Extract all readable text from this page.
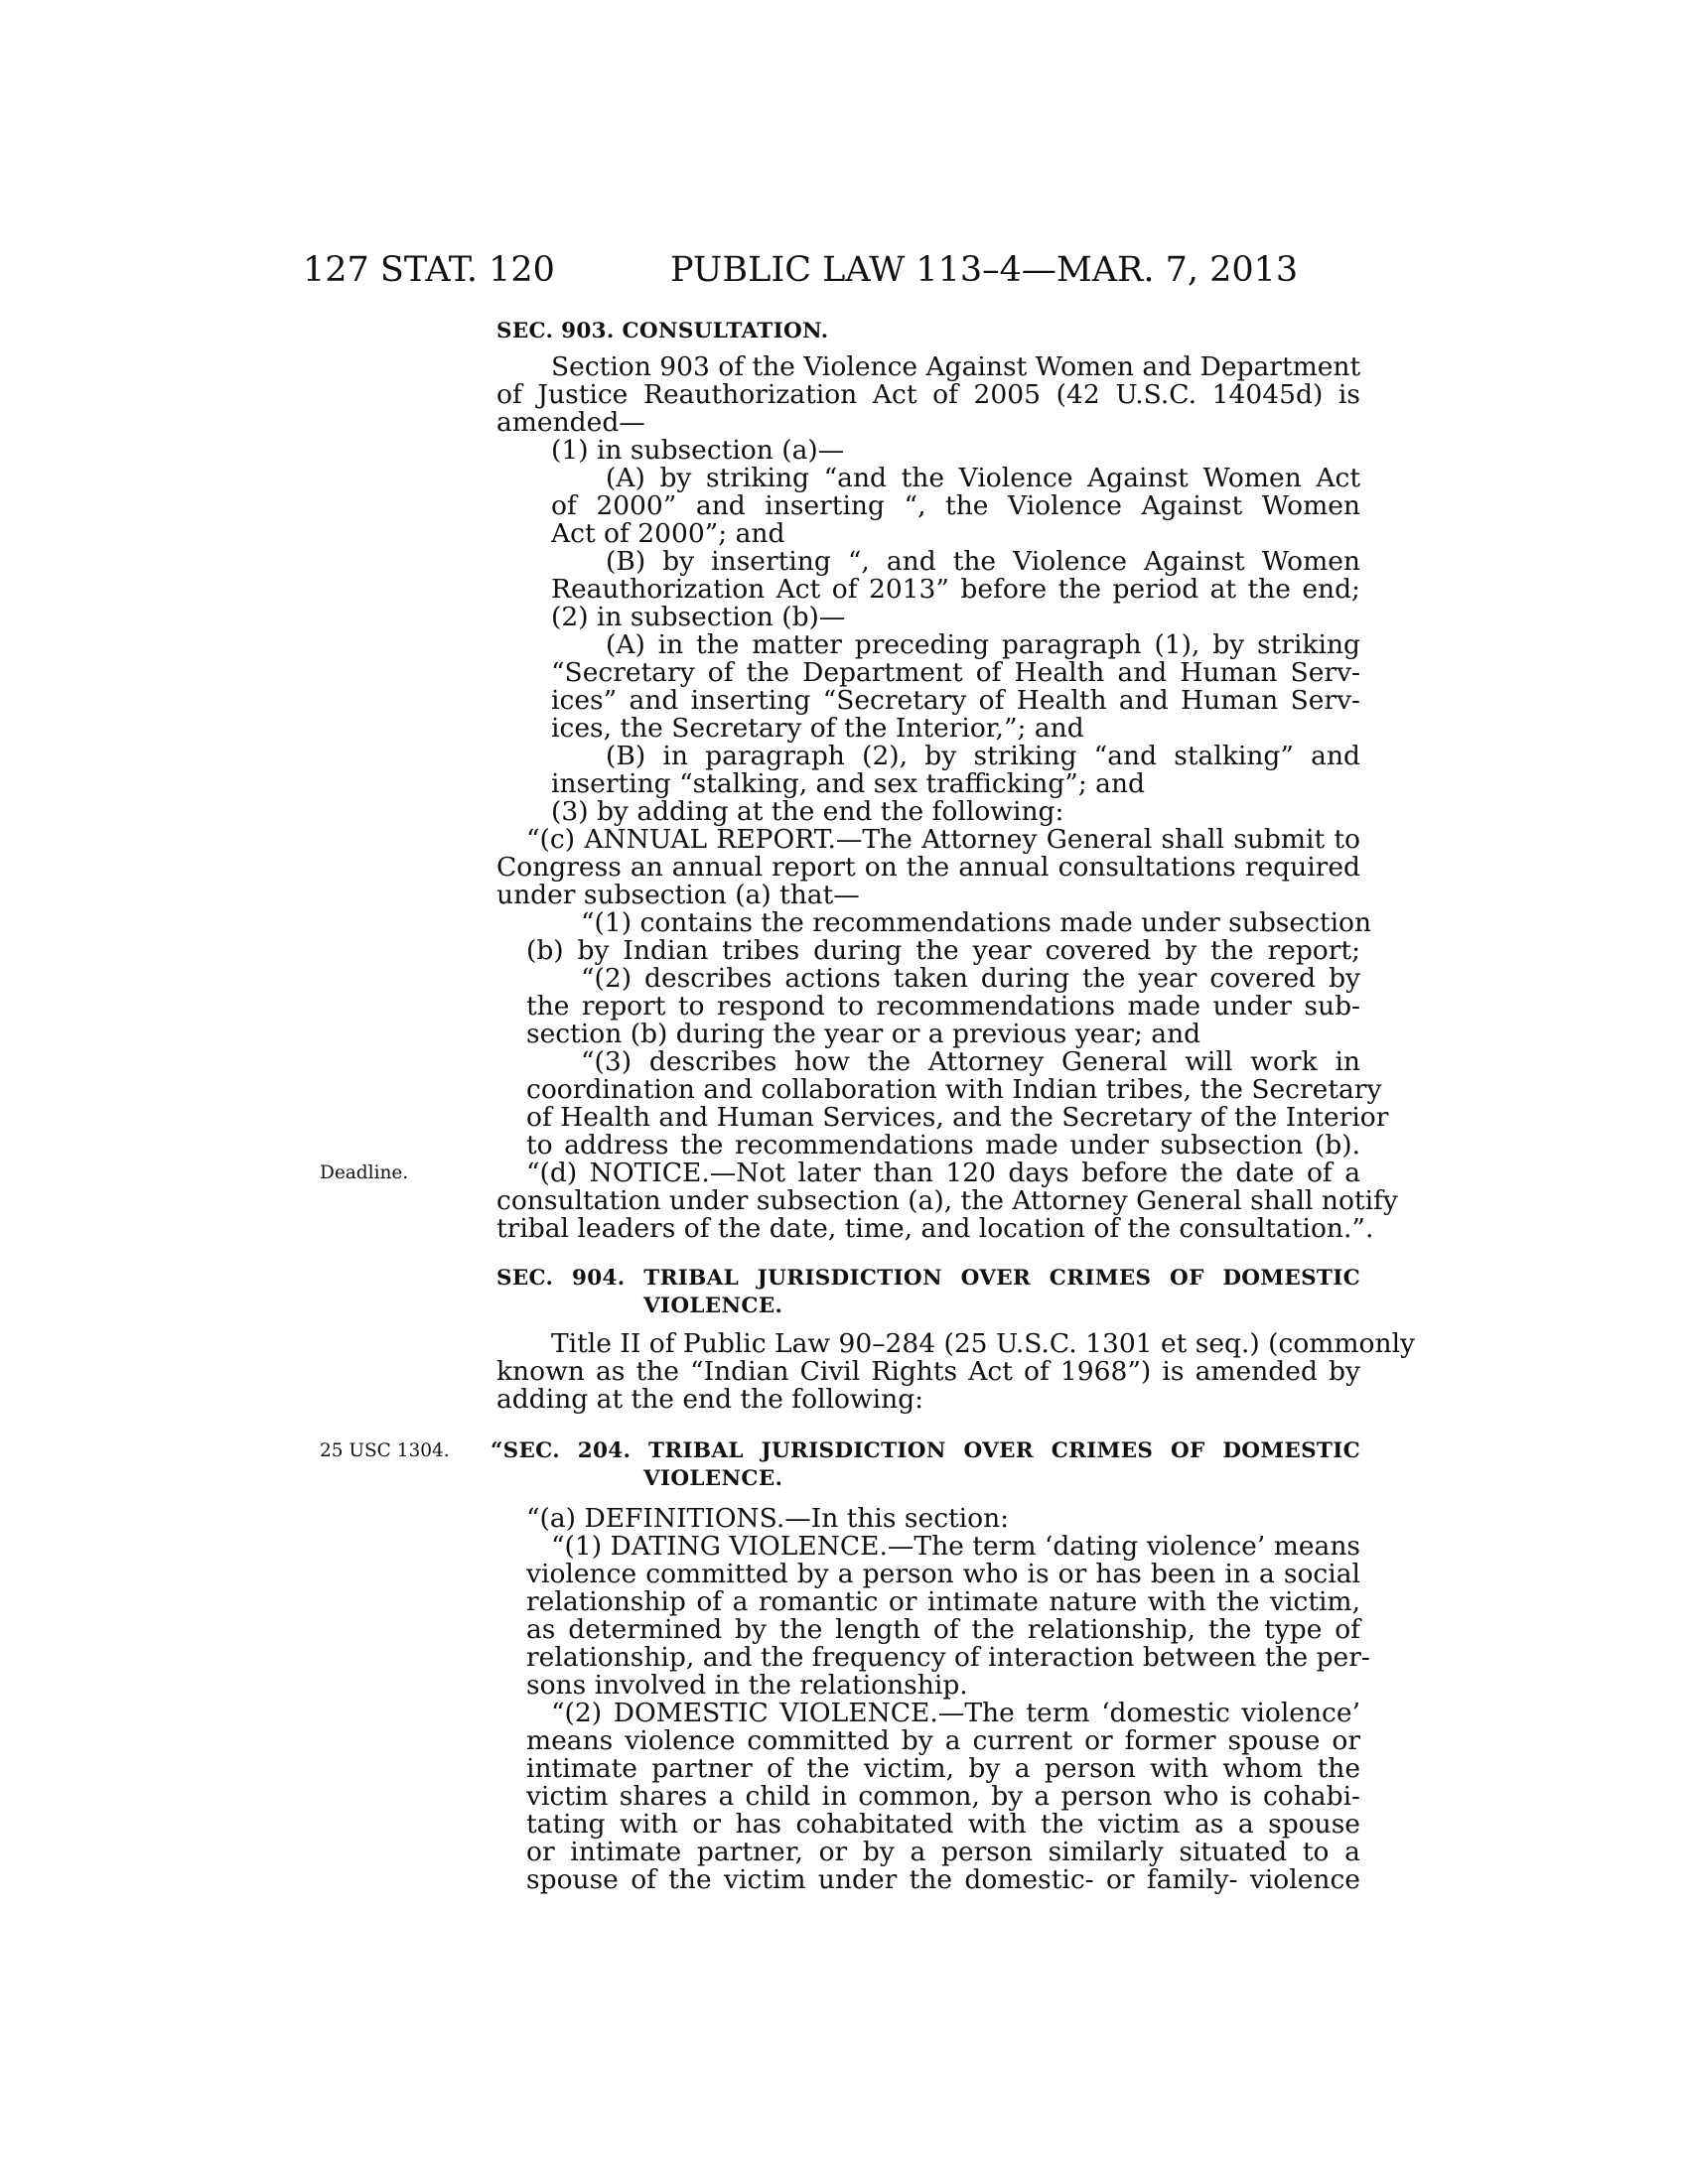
127 STAT. 120	PUBLIC LAW 113–4—MAR. 7, 2013
SEC. 903. CONSULTATION.
Section 903 of the Violence Against Women and Department
of Justice Reauthorization Act of 2005 (42 U.S.C. 14045d) is
amended—
(1) in subsection (a)—
(A) by striking “and the Violence Against Women Act
of 2000” and inserting “, the Violence Against Women
Act of 2000”; and
(B) by inserting “, and the Violence Against Women
Reauthorization Act of 2013” before the period at the end;
(2) in subsection (b)—
(A) in the matter preceding paragraph (1), by striking
“Secretary of the Department of Health and Human Serv-
ices” and inserting “Secretary of Health and Human Serv-
ices, the Secretary of the Interior,”; and
(B) in paragraph (2), by striking “and stalking” and
inserting “stalking, and sex trafficking”; and
(3) by adding at the end the following:
“(c) ANNUAL REPORT.—The Attorney General shall submit to
Congress an annual report on the annual consultations required
under subsection (a) that—
“(1) contains the recommendations made under subsection
(b) by Indian tribes during the year covered by the report;
“(2) describes actions taken during the year covered by
the report to respond to recommendations made under sub-
section (b) during the year or a previous year; and
“(3) describes how the Attorney General will work in
coordination and collaboration with Indian tribes, the Secretary
of Health and Human Services, and the Secretary of the Interior
to address the recommendations made under subsection (b).
Deadline.	“(d) NOTICE.—Not later than 120 days before the date of a
consultation under subsection (a), the Attorney General shall notify
tribal leaders of the date, time, and location of the consultation.”.
SEC. 904. TRIBAL JURISDICTION OVER CRIMES OF DOMESTIC
VIOLENCE.
Title II of Public Law 90–284 (25 U.S.C. 1301 et seq.) (commonly
known as the “Indian Civil Rights Act of 1968”) is amended by
adding at the end the following:
25 USC 1304. “SEC. 204. TRIBAL JURISDICTION OVER CRIMES OF DOMESTIC
VIOLENCE.
“(a) DEFINITIONS.—In this section:
“(1) DATING VIOLENCE.—The term ‘dating violence’ means
violence committed by a person who is or has been in a social
relationship of a romantic or intimate nature with the victim,
as determined by the length of the relationship, the type of
relationship, and the frequency of interaction between the per-
sons involved in the relationship.
“(2) DOMESTIC VIOLENCE.—The term ‘domestic violence’
means violence committed by a current or former spouse or
intimate partner of the victim, by a person with whom the
victim shares a child in common, by a person who is cohabi-
tating with or has cohabitated with the victim as a spouse
or intimate partner, or by a person similarly situated to a
spouse of the victim under the domestic- or family- violence
